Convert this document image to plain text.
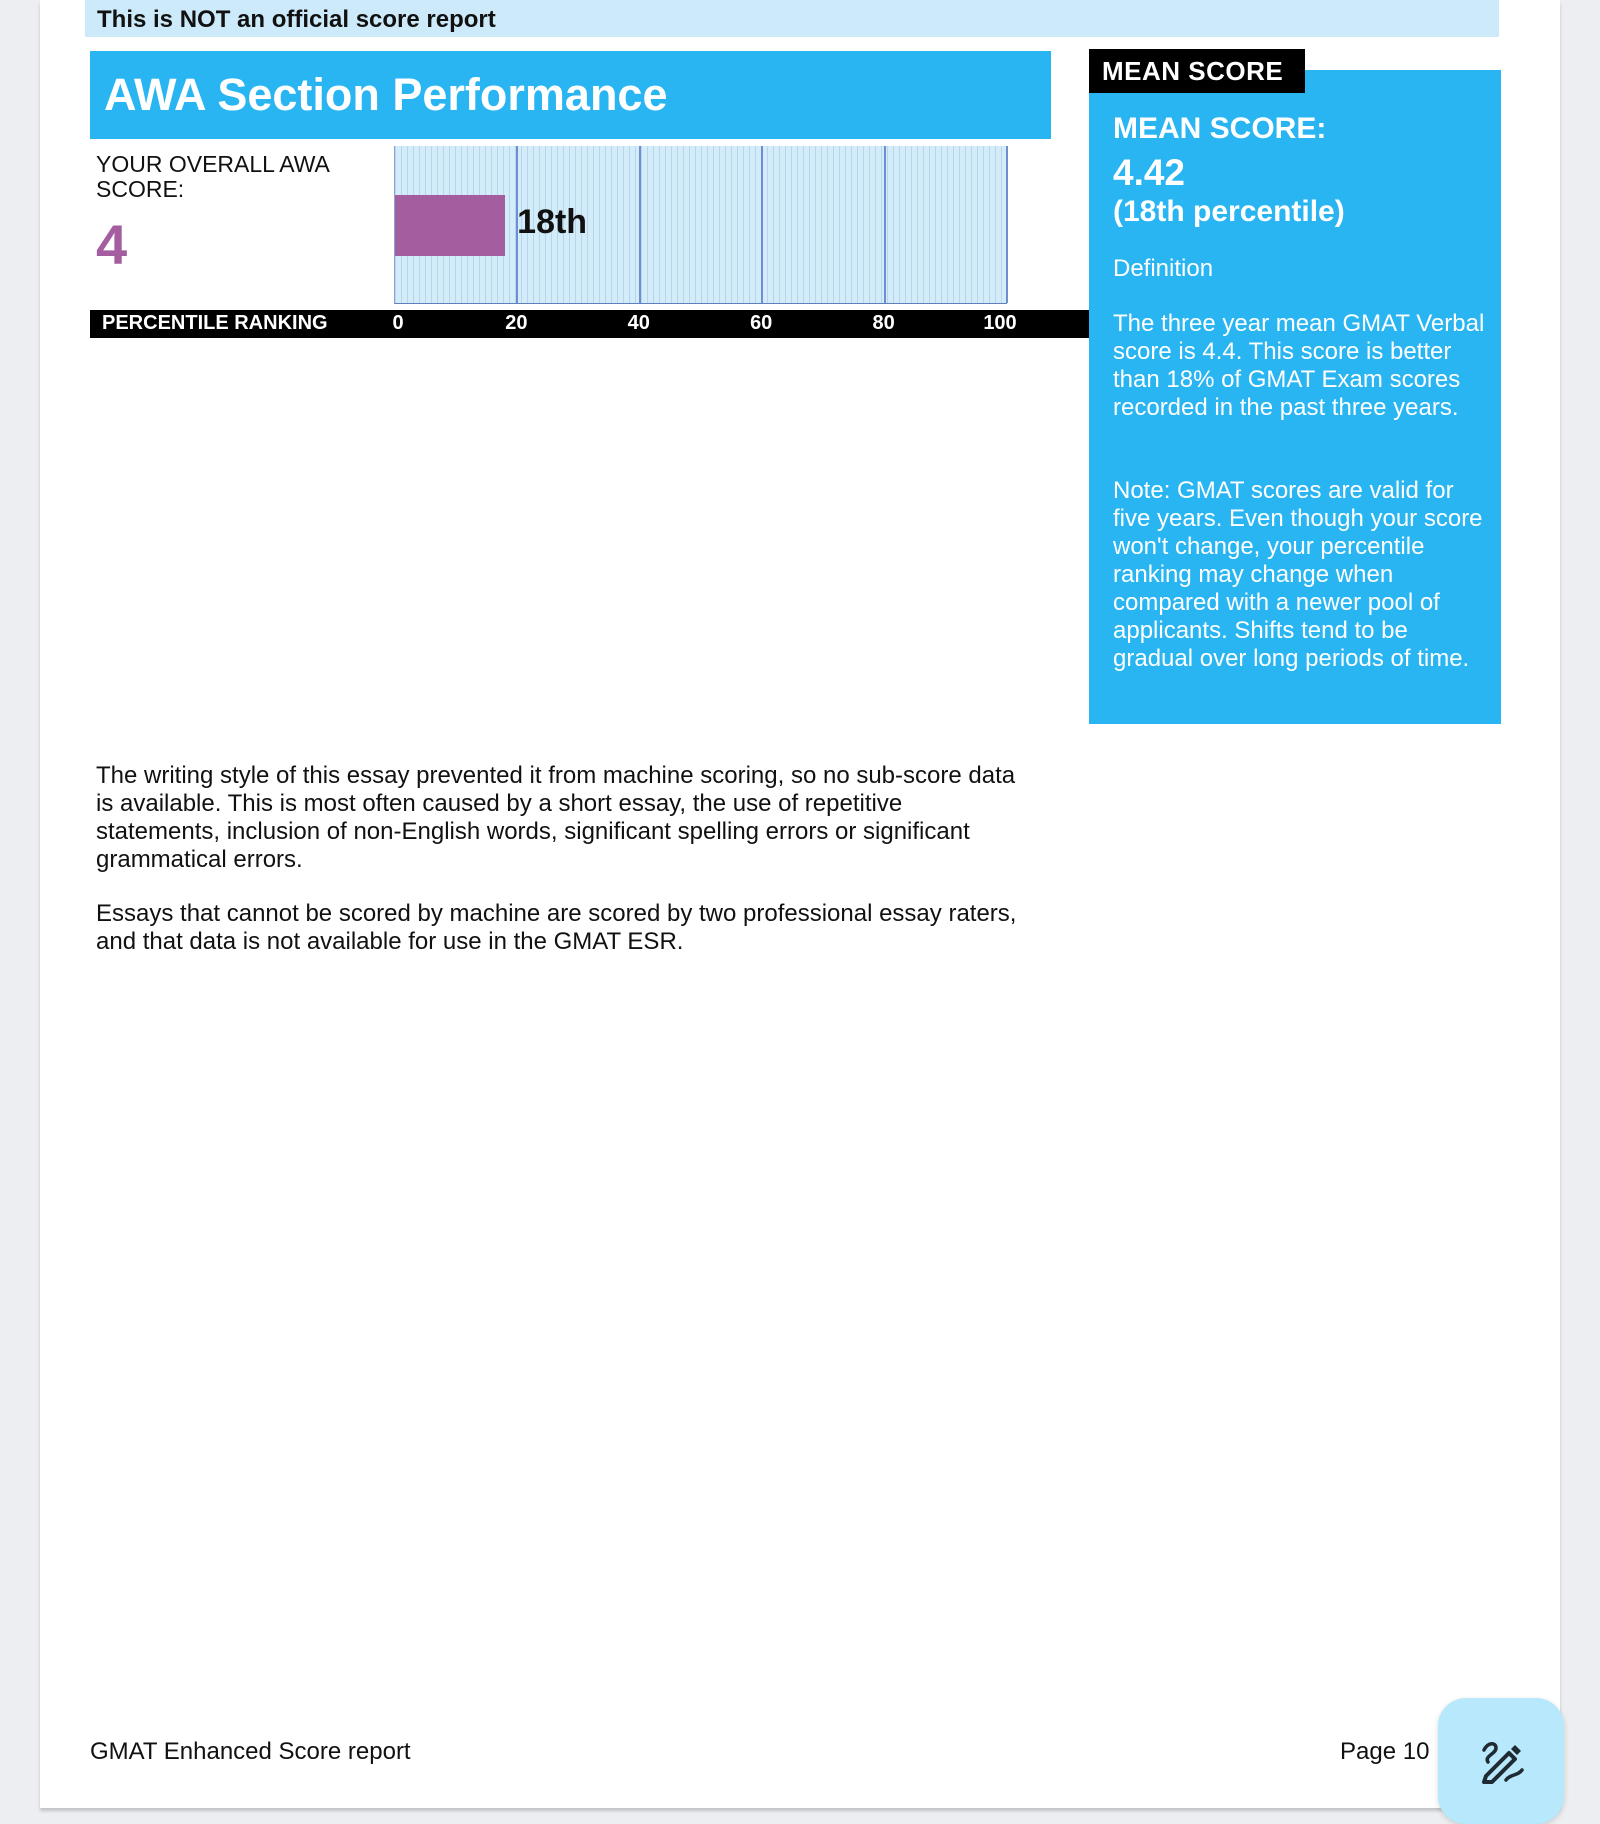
This is NOT an official score report
AWA Section Performance
YOUR OVERALL AWA SCORE:
4	18th
PERCENTILE RANKING	0	20	40	60	80	100
MEAN SCORE:
4.42
(18th percentile)
Definition
The three year mean GMAT Verbal score is 4.4. This score is better than 18% of GMAT Exam scores recorded in the past three years.
Note: GMAT scores are valid for five years. Even though your score won't change, your percentile ranking may change when compared with a newer pool of applicants. Shifts tend to be gradual over long periods of time.
MEAN SCORE
The writing style of this essay prevented it from machine scoring, so no sub-score data is available. This is most often caused by a short essay, the use of repetitive statements, inclusion of non-English words, significant spelling errors or significant grammatical errors.
Essays that cannot be scored by machine are scored by two professional essay raters, and that data is not available for use in the GMAT ESR.
GMAT Enhanced Score report	Page 10
